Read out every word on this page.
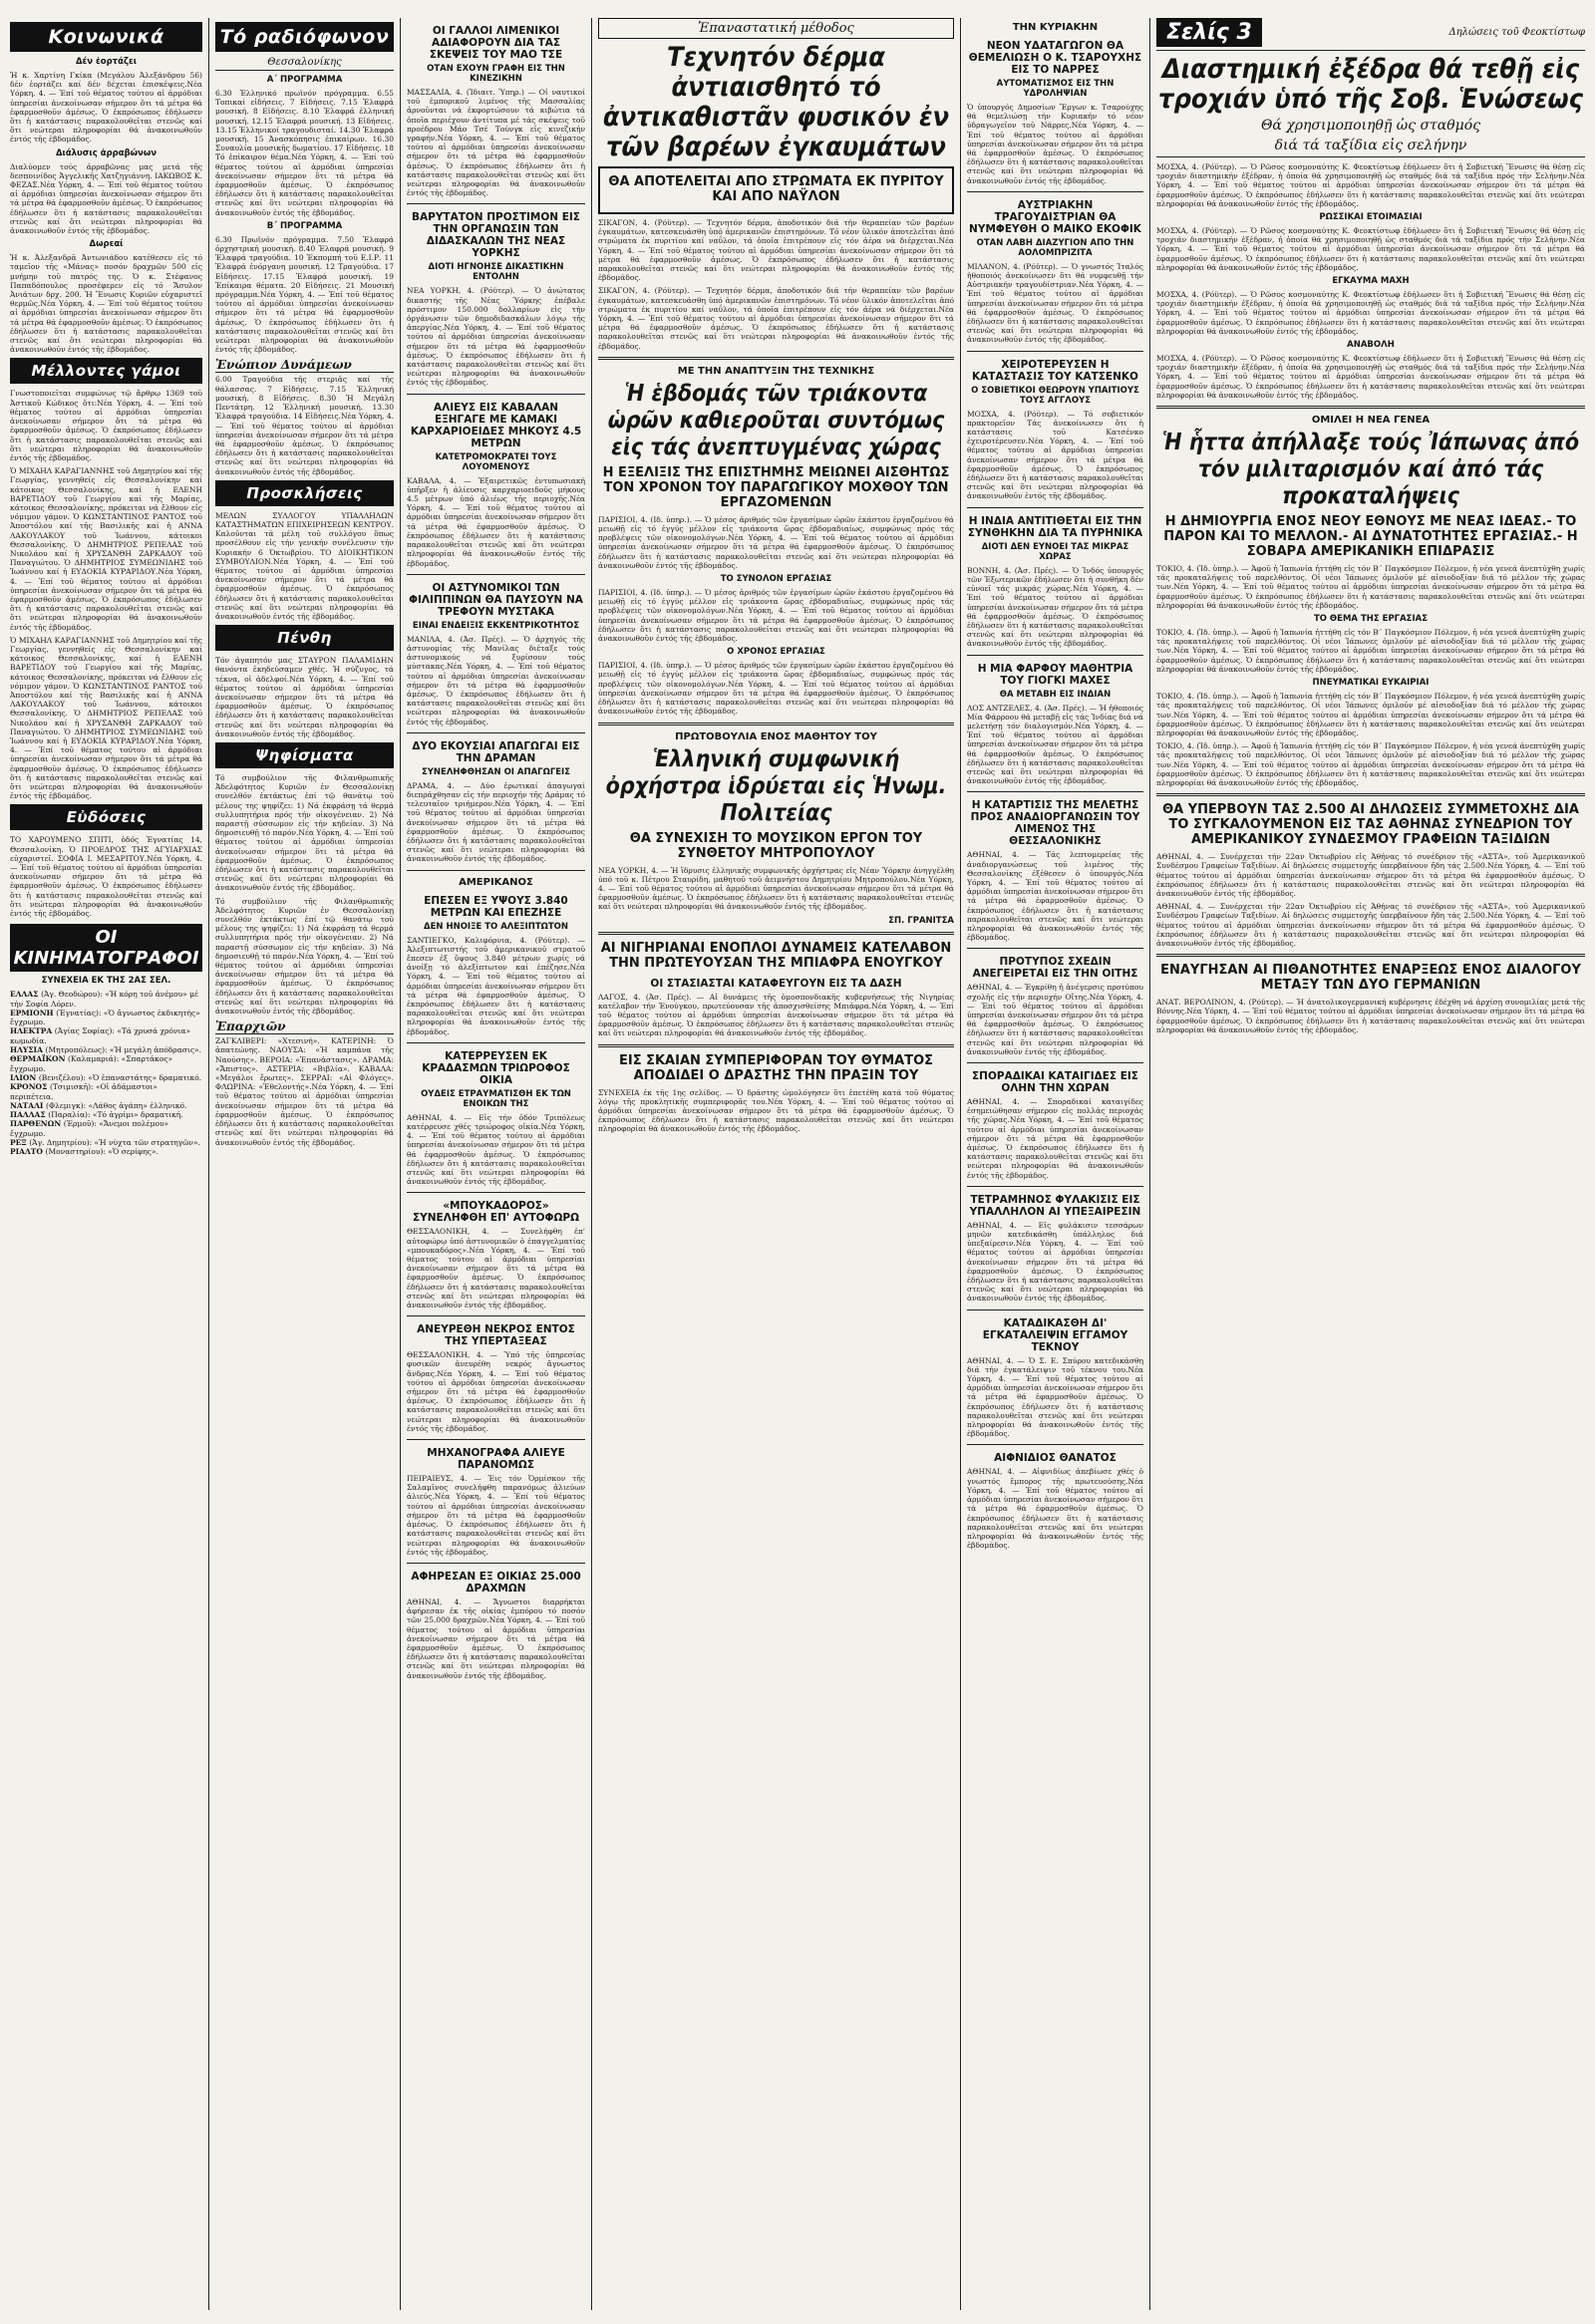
Κοινωνικά
Δέν ἑορτάζει

Ἡ κ. Χαρτίνη Γκίκα (Μεγάλου Ἀλεξάνδρου 56) δέν ἑορτάζει καί δέν δέχεται ἐπισκέψεις. Νέα Υόρκη, 4. — Ἐπί τοῦ θέματος τούτου αἱ ἀρμόδιαι ὑπηρεσίαι ἀνεκοίνωσαν σήμερον ὅτι τά μέτρα θά ἐφαρμοσθοῦν ἀμέσως. Ὁ ἐκπρόσωπος ἐδήλωσεν ὅτι ἡ κατάστασις παρακολουθεῖται στενῶς καί ὅτι νεώτεραι πληροφορίαι θά ἀνακοινωθοῦν ἐντός τῆς ἑβδομάδος.

Διάλυσις ἀρραβώνων

Διαλύομεν τούς ἀρραβῶνας μας μετά τῆς δεσποινίδος Ἀγγελικῆς Χατζηγιάννη. ΙΑΚΩΒΟΣ Κ. ΦΕΖΑΣ. Νέα Υόρκη, 4. — Ἐπί τοῦ θέματος τούτου αἱ ἀρμόδιαι ὑπηρεσίαι ἀνεκοίνωσαν σήμερον ὅτι τά μέτρα θά ἐφαρμοσθοῦν ἀμέσως. Ὁ ἐκπρόσωπος ἐδήλωσεν ὅτι ἡ κατάστασις παρακολουθεῖται στενῶς καί ὅτι νεώτεραι πληροφορίαι θά ἀνακοινωθοῦν ἐντός τῆς ἑβδομάδος.

Δωρεαί

Ἡ κ. Ἀλεξανδρᾶ Ἀντωνιάδου κατέθεσεν εἰς τό ταμεῖον τῆς «Μάνας» ποσόν δραχμῶν 500 εἰς μνήμην τοῦ πατρός της. Ὁ κ. Στέφανος Παπαδόπουλος προσέφερεν εἰς τό Ἄσυλον Ἀνιάτων δρχ. 200. Ἡ Ἕνωσις Κυριῶν εὐχαριστεῖ θερμῶς. Νέα Υόρκη, 4. — Ἐπί τοῦ θέματος τούτου αἱ ἀρμόδιαι ὑπηρεσίαι ἀνεκοίνωσαν σήμερον ὅτι τά μέτρα θά ἐφαρμοσθοῦν ἀμέσως. Ὁ ἐκπρόσωπος ἐδήλωσεν ὅτι ἡ κατάστασις παρακολουθεῖται στενῶς καί ὅτι νεώτεραι πληροφορίαι θά ἀνακοινωθοῦν ἐντός τῆς ἑβδομάδος.

Μέλλοντες γάμοι

Γνωστοποιεῖται συμφώνως τῷ ἄρθρῳ 1369 τοῦ Ἀστικοῦ Κώδικος ὅτι: Νέα Υόρκη, 4. — Ἐπί τοῦ θέματος τούτου αἱ ἀρμόδιαι ὑπηρεσίαι ἀνεκοίνωσαν σήμερον ὅτι τά μέτρα θά ἐφαρμοσθοῦν ἀμέσως. Ὁ ἐκπρόσωπος ἐδήλωσεν ὅτι ἡ κατάστασις παρακολουθεῖται στενῶς καί ὅτι νεώτεραι πληροφορίαι θά ἀνακοινωθοῦν ἐντός τῆς ἑβδομάδος.

Ὁ ΜΙΧΑΗΛ ΚΑΡΑΓΙΑΝΝΗΣ τοῦ Δημητρίου καί τῆς Γεωργίας, γεννηθείς εἰς Θεσσαλονίκην καί κάτοικος Θεσσαλονίκης, καί ἡ ΕΛΕΝΗ ΒΑΡΕΤΙΔΟΥ τοῦ Γεωργίου καί τῆς Μαρίας, κάτοικος Θεσσαλονίκης, πρόκειται νά ἔλθουν εἰς νόμιμον γάμον. Ὁ ΚΩΝΣΤΑΝΤΙΝΟΣ ΡΑΝΤΟΣ τοῦ Ἀποστόλου καί τῆς Βασιλικῆς καί ἡ ΑΝΝΑ ΛΑΚΟΥΛΑΚΟΥ τοῦ Ἰωάννου, κάτοικοι Θεσσαλονίκης. Ὁ ΔΗΜΗΤΡΙΟΣ ΡΕΠΕΛΑΣ τοῦ Νικολάου καί ἡ ΧΡΥΣΑΝΘΗ ΖΑΡΚΑΔΟΥ τοῦ Παναγιώτου. Ὁ ΔΗΜΗΤΡΙΟΣ ΣΥΜΕΩΝΙΔΗΣ τοῦ Ἰωάννου καί ἡ ΕΥΔΟΚΙΑ ΚΥΡΑΡΙΔΟΥ. Νέα Υόρκη, 4. — Ἐπί τοῦ θέματος τούτου αἱ ἀρμόδιαι ὑπηρεσίαι ἀνεκοίνωσαν σήμερον ὅτι τά μέτρα θά ἐφαρμοσθοῦν ἀμέσως. Ὁ ἐκπρόσωπος ἐδήλωσεν ὅτι ἡ κατάστασις παρακολουθεῖται στενῶς καί ὅτι νεώτεραι πληροφορίαι θά ἀνακοινωθοῦν ἐντός τῆς ἑβδομάδος.

Ὁ ΜΙΧΑΗΛ ΚΑΡΑΓΙΑΝΝΗΣ τοῦ Δημητρίου καί τῆς Γεωργίας, γεννηθείς εἰς Θεσσαλονίκην καί κάτοικος Θεσσαλονίκης, καί ἡ ΕΛΕΝΗ ΒΑΡΕΤΙΔΟΥ τοῦ Γεωργίου καί τῆς Μαρίας, κάτοικος Θεσσαλονίκης, πρόκειται νά ἔλθουν εἰς νόμιμον γάμον. Ὁ ΚΩΝΣΤΑΝΤΙΝΟΣ ΡΑΝΤΟΣ τοῦ Ἀποστόλου καί τῆς Βασιλικῆς καί ἡ ΑΝΝΑ ΛΑΚΟΥΛΑΚΟΥ τοῦ Ἰωάννου, κάτοικοι Θεσσαλονίκης. Ὁ ΔΗΜΗΤΡΙΟΣ ΡΕΠΕΛΑΣ τοῦ Νικολάου καί ἡ ΧΡΥΣΑΝΘΗ ΖΑΡΚΑΔΟΥ τοῦ Παναγιώτου. Ὁ ΔΗΜΗΤΡΙΟΣ ΣΥΜΕΩΝΙΔΗΣ τοῦ Ἰωάννου καί ἡ ΕΥΔΟΚΙΑ ΚΥΡΑΡΙΔΟΥ. Νέα Υόρκη, 4. — Ἐπί τοῦ θέματος τούτου αἱ ἀρμόδιαι ὑπηρεσίαι ἀνεκοίνωσαν σήμερον ὅτι τά μέτρα θά ἐφαρμοσθοῦν ἀμέσως. Ὁ ἐκπρόσωπος ἐδήλωσεν ὅτι ἡ κατάστασις παρακολουθεῖται στενῶς καί ὅτι νεώτεραι πληροφορίαι θά ἀνακοινωθοῦν ἐντός τῆς ἑβδομάδος.

Εὐδόσεις

ΤΟ ΧΑΡΟΥΜΕΝΟ ΣΠΙΤΙ, ὁδός Ἐγνατίας 14, Θεσσαλονίκη. Ὁ ΠΡΟΕΔΡΟΣ ΤΗΣ ΑΓΥΙΑΡΧΙΑΣ εὐχαριστεῖ. ΣΟΦΙΑ Ι. ΜΕΣΑΡΙΤΟΥ. Νέα Υόρκη, 4. — Ἐπί τοῦ θέματος τούτου αἱ ἀρμόδιαι ὑπηρεσίαι ἀνεκοίνωσαν σήμερον ὅτι τά μέτρα θά ἐφαρμοσθοῦν ἀμέσως. Ὁ ἐκπρόσωπος ἐδήλωσεν ὅτι ἡ κατάστασις παρακολουθεῖται στενῶς καί ὅτι νεώτεραι πληροφορίαι θά ἀνακοινωθοῦν ἐντός τῆς ἑβδομάδος.

ΟΙ ΚΙΝΗΜΑΤΟΓΡΑΦΟΙ
ΣΥΝΕΧΕΙΑ ΕΚ ΤΗΣ 2ΑΣ ΣΕΛ.
ΕΛΛΑΣ (Ἀγ. Θεοδώρου): «Ἡ κόρη τοῦ ἀνέμου» μέ τήν Σοφία Λόρεν.
ΕΡΜΙΟΝΗ (Ἐγνατίας): «Ὁ ἄγνωστος ἐκδικητής» ἔγχρωμο.
ΗΛΕΚΤΡΑ (Ἀγίας Σοφίας): «Τά χρυσά χρόνια» κωμωδία.
ΗΛΥΣΙΑ (Μητροπόλεως): «Ἡ μεγάλη ἀπόδρασις».
ΘΕΡΜΑΪΚΟΝ (Καλαμαριά): «Σπαρτάκος» ἔγχρωμο.
ΙΛΙΟΝ (Βενιζέλου): «Ὁ ἐπαναστάτης» δραματικό.
ΚΡΟΝΟΣ (Τσιμισκῆ): «Οἱ ἀδάμαστοι» περιπέτεια.
ΝΑΤΑΛΙ (Φλεμιγκ): «Λάθος ἀγάπη» ἑλληνικό.
ΠΑΛΛΑΣ (Παραλία): «Τό ἀγρίμι» δραματική.
ΠΑΡΘΕΝΩΝ (Ἑρμοῦ): «Ἄνεμοι πολέμου» ἔγχρωμο.
ΡΕΞ (Ἀγ. Δημητρίου): «Ἡ νύχτα τῶν στρατηγῶν».
ΡΙΑΛΤΟ (Μοναστηρίου): «Ὁ σερίφης».
Τό ραδιόφωνον
Θεσσαλονίκης
Α΄ ΠΡΟΓΡΑΜΜΑ

6.30 Ἑλληνικό πρωϊνόν πρόγραμμα. 6.55 Τοπικαί εἰδήσεις. 7 Εἰδήσεις. 7.15 Ἐλαφρά μουσική. 8 Εἰδήσεις. 8.10 Ἐλαφρά ἑλληνική μουσική. 12.15 Ἐλαφρά μουσική. 13 Εἰδήσεις. 13.15 Ἑλληνικοί τραγουδισταί. 14.30 Ἐλαφρά μουσική. 15 Ἀνασκόπησις ἐπικαίρων. 16.30 Συναυλία μουσικῆς δωματίου. 17 Εἰδήσεις. 18 Τό ἐπίκαιρον θέμα. Νέα Υόρκη, 4. — Ἐπί τοῦ θέματος τούτου αἱ ἀρμόδιαι ὑπηρεσίαι ἀνεκοίνωσαν σήμερον ὅτι τά μέτρα θά ἐφαρμοσθοῦν ἀμέσως. Ὁ ἐκπρόσωπος ἐδήλωσεν ὅτι ἡ κατάστασις παρακολουθεῖται στενῶς καί ὅτι νεώτεραι πληροφορίαι θά ἀνακοινωθοῦν ἐντός τῆς ἑβδομάδος.

Β΄ ΠΡΟΓΡΑΜΜΑ

6.30 Πρωϊνόν πρόγραμμα. 7.50 Ἐλαφρά ὀρχηστρική μουσική. 8.40 Ἐλαφρά μουσική. 9 Ἐλαφρά τραγούδια. 10 Ἐκπομπή τοῦ Ε.Ι.Ρ. 11 Ἐλαφρά ἐνόργανη μουσική. 12 Τραγούδια. 17 Εἰδήσεις. 17.15 Ἐλαφρά μουσική. 19 Ἐπίκαιρα θέματα. 20 Εἰδήσεις. 21 Μουσική πρόγραμμα. Νέα Υόρκη, 4. — Ἐπί τοῦ θέματος τούτου αἱ ἀρμόδιαι ὑπηρεσίαι ἀνεκοίνωσαν σήμερον ὅτι τά μέτρα θά ἐφαρμοσθοῦν ἀμέσως. Ὁ ἐκπρόσωπος ἐδήλωσεν ὅτι ἡ κατάστασις παρακολουθεῖται στενῶς καί ὅτι νεώτεραι πληροφορίαι θά ἀνακοινωθοῦν ἐντός τῆς ἑβδομάδος.

Ἐνώπιον Δυνάμεων

6.00 Τραγούδια τῆς στεριᾶς καί τῆς θάλασσας. 7 Εἰδήσεις. 7.15 Ἑλληνική μουσική. 8 Εἰδήσεις. 8.30 Ἡ Μεγάλη Πεντάτρη. 12 Ἑλληνική μουσική. 13.30 Ἐλαφρά τραγούδια. 14 Εἰδήσεις. Νέα Υόρκη, 4. — Ἐπί τοῦ θέματος τούτου αἱ ἀρμόδιαι ὑπηρεσίαι ἀνεκοίνωσαν σήμερον ὅτι τά μέτρα θά ἐφαρμοσθοῦν ἀμέσως. Ὁ ἐκπρόσωπος ἐδήλωσεν ὅτι ἡ κατάστασις παρακολουθεῖται στενῶς καί ὅτι νεώτεραι πληροφορίαι θά ἀνακοινωθοῦν ἐντός τῆς ἑβδομάδος.

Προσκλήσεις

ΜΕΛΩΝ ΣΥΛΛΟΓΟΥ ΥΠΑΛΛΗΛΩΝ ΚΑΤΑΣΤΗΜΑΤΩΝ ΕΠΙΧΕΙΡΗΣΕΩΝ ΚΕΝΤΡΟΥ. Καλοῦνται τά μέλη τοῦ συλλόγου ὅπως προσέλθουν εἰς τήν γενικήν συνέλευσιν τήν Κυριακήν 6 Ὀκτωβρίου. ΤΟ ΔΙΟΙΚΗΤΙΚΟΝ ΣΥΜΒΟΥΛΙΟΝ. Νέα Υόρκη, 4. — Ἐπί τοῦ θέματος τούτου αἱ ἀρμόδιαι ὑπηρεσίαι ἀνεκοίνωσαν σήμερον ὅτι τά μέτρα θά ἐφαρμοσθοῦν ἀμέσως. Ὁ ἐκπρόσωπος ἐδήλωσεν ὅτι ἡ κατάστασις παρακολουθεῖται στενῶς καί ὅτι νεώτεραι πληροφορίαι θά ἀνακοινωθοῦν ἐντός τῆς ἑβδομάδος.

Πένθη

Τόν ἀγαπητόν μας ΣΤΑΥΡΟΝ ΠΑΛΑΜΙΔΗΝ θανόντα ἐκηδεύσαμεν χθές. Ἡ σύζυγος, τά τέκνα, οἱ ἀδελφοί. Νέα Υόρκη, 4. — Ἐπί τοῦ θέματος τούτου αἱ ἀρμόδιαι ὑπηρεσίαι ἀνεκοίνωσαν σήμερον ὅτι τά μέτρα θά ἐφαρμοσθοῦν ἀμέσως. Ὁ ἐκπρόσωπος ἐδήλωσεν ὅτι ἡ κατάστασις παρακολουθεῖται στενῶς καί ὅτι νεώτεραι πληροφορίαι θά ἀνακοινωθοῦν ἐντός τῆς ἑβδομάδος.

Ψηφίσματα

Τό συμβούλιον τῆς Φιλανθρωπικῆς Ἀδελφότητος Κυριῶν ἐν Θεσσαλονίκῃ συνελθόν ἐκτάκτως ἐπί τῷ θανάτῳ τοῦ μέλους της ψηφίζει: 1) Νά ἐκφράσῃ τά θερμά συλλυπητήρια πρός τήν οἰκογένειαν. 2) Νά παραστῇ σύσσωμον εἰς τήν κηδείαν. 3) Νά δημοσιευθῇ τό παρόν. Νέα Υόρκη, 4. — Ἐπί τοῦ θέματος τούτου αἱ ἀρμόδιαι ὑπηρεσίαι ἀνεκοίνωσαν σήμερον ὅτι τά μέτρα θά ἐφαρμοσθοῦν ἀμέσως. Ὁ ἐκπρόσωπος ἐδήλωσεν ὅτι ἡ κατάστασις παρακολουθεῖται στενῶς καί ὅτι νεώτεραι πληροφορίαι θά ἀνακοινωθοῦν ἐντός τῆς ἑβδομάδος.

Τό συμβούλιον τῆς Φιλανθρωπικῆς Ἀδελφότητος Κυριῶν ἐν Θεσσαλονίκῃ συνελθόν ἐκτάκτως ἐπί τῷ θανάτῳ τοῦ μέλους της ψηφίζει: 1) Νά ἐκφράσῃ τά θερμά συλλυπητήρια πρός τήν οἰκογένειαν. 2) Νά παραστῇ σύσσωμον εἰς τήν κηδείαν. 3) Νά δημοσιευθῇ τό παρόν. Νέα Υόρκη, 4. — Ἐπί τοῦ θέματος τούτου αἱ ἀρμόδιαι ὑπηρεσίαι ἀνεκοίνωσαν σήμερον ὅτι τά μέτρα θά ἐφαρμοσθοῦν ἀμέσως. Ὁ ἐκπρόσωπος ἐδήλωσεν ὅτι ἡ κατάστασις παρακολουθεῖται στενῶς καί ὅτι νεώτεραι πληροφορίαι θά ἀνακοινωθοῦν ἐντός τῆς ἑβδομάδος.

Ἐπαρχιῶν

ΖΑΓΚΛΙΒΕΡΙ: «Χτεσινή». ΚΑΤΕΡΙΝΗ: Ὁ ἀπατεώνης. ΝΑΟΥΣΑ: «Ἡ καμπάνα τῆς Ναούσης». ΒΕΡΟΙΑ: «Ἐπανάστασις». ΔΡΑΜΑ: «Ἄπιστος». ΑΣΤΕΡΙΑ: «Βιβλία». ΚΑΒΑΛΑ: «Μεγάλοι ἔρωτες». ΣΕΡΡΑΙ: «Αἱ Φλόγες». ΦΛΩΡΙΝΑ: «Ἐθελοντής». Νέα Υόρκη, 4. — Ἐπί τοῦ θέματος τούτου αἱ ἀρμόδιαι ὑπηρεσίαι ἀνεκοίνωσαν σήμερον ὅτι τά μέτρα θά ἐφαρμοσθοῦν ἀμέσως. Ὁ ἐκπρόσωπος ἐδήλωσεν ὅτι ἡ κατάστασις παρακολουθεῖται στενῶς καί ὅτι νεώτεραι πληροφορίαι θά ἀνακοινωθοῦν ἐντός τῆς ἑβδομάδος.

ΟΙ ΓΑΛΛΟΙ ΛΙΜΕΝΙΚΟΙ ΑΔΙΑΦΟΡΟΥΝ ΔΙΑ ΤΑΣ ΣΚΕΨΕΙΣ ΤΟΥ ΜΑΟ ΤΣΕ
ΟΤΑΝ ΕΧΟΥΝ ΓΡΑΦΗ ΕΙΣ ΤΗΝ ΚΙΝΕΖΙΚΗΝ

ΜΑΣΣΑΛΙΑ, 4. (Ἰδιαιτ. Ὑπηρ.) — Οἱ ναυτικοί τοῦ ἐμπορικοῦ λιμένος τῆς Μασσαλίας ἀρνοῦνται νά ἐκφορτώσουν τά κιβώτια τά ὁποῖα περιέχουν ἀντίτυπα μέ τάς σκέψεις τοῦ προέδρου Μάο Τσέ Τούνγκ εἰς κινεζικήν γραφήν. Νέα Υόρκη, 4. — Ἐπί τοῦ θέματος τούτου αἱ ἀρμόδιαι ὑπηρεσίαι ἀνεκοίνωσαν σήμερον ὅτι τά μέτρα θά ἐφαρμοσθοῦν ἀμέσως. Ὁ ἐκπρόσωπος ἐδήλωσεν ὅτι ἡ κατάστασις παρακολουθεῖται στενῶς καί ὅτι νεώτεραι πληροφορίαι θά ἀνακοινωθοῦν ἐντός τῆς ἑβδομάδος.

ΒΑΡΥΤΑΤΟΝ ΠΡΟΣΤΙΜΟΝ ΕΙΣ ΤΗΝ ΟΡΓΑΝΩΣΙΝ ΤΩΝ ΔΙΔΑΣΚΑΛΩΝ ΤΗΣ ΝΕΑΣ ΥΟΡΚΗΣ
ΔΙΟΤΙ ΗΓΝΟΗΣΕ ΔΙΚΑΣΤΙΚΗΝ ΕΝΤΟΛΗΝ

ΝΕΑ ΥΟΡΚΗ, 4. (Ρόϋτερ). — Ὁ ἀνώτατος δικαστής τῆς Νέας Ὑόρκης ἐπέβαλε πρόστιμον 150.000 δολλαρίων εἰς τήν ὀργάνωσιν τῶν δημοδιδασκάλων λόγῳ τῆς ἀπεργίας. Νέα Υόρκη, 4. — Ἐπί τοῦ θέματος τούτου αἱ ἀρμόδιαι ὑπηρεσίαι ἀνεκοίνωσαν σήμερον ὅτι τά μέτρα θά ἐφαρμοσθοῦν ἀμέσως. Ὁ ἐκπρόσωπος ἐδήλωσεν ὅτι ἡ κατάστασις παρακολουθεῖται στενῶς καί ὅτι νεώτεραι πληροφορίαι θά ἀνακοινωθοῦν ἐντός τῆς ἑβδομάδος.

ΑΛΙΕΥΣ ΕΙΣ ΚΑΒΑΛΑΝ ΕΞΗΓΑΓΕ ΜΕ ΚΑΜΑΚΙ ΚΑΡΧΑΡΙΟΕΙΔΕΣ ΜΗΚΟΥΣ 4.5 ΜΕΤΡΩΝ
ΚΑΤΕΤΡΟΜΟΚΡΑΤΕΙ ΤΟΥΣ ΛΟΥΟΜΕΝΟΥΣ

ΚΑΒΑΛΑ, 4. — Ἐξαιρετικῶς ἐντυπωσιακή ὑπῆρξεν ἡ ἀλίευσις καρχαριοειδοῦς μήκους 4.5 μέτρων ὑπό ἁλιέως τῆς περιοχῆς. Νέα Υόρκη, 4. — Ἐπί τοῦ θέματος τούτου αἱ ἀρμόδιαι ὑπηρεσίαι ἀνεκοίνωσαν σήμερον ὅτι τά μέτρα θά ἐφαρμοσθοῦν ἀμέσως. Ὁ ἐκπρόσωπος ἐδήλωσεν ὅτι ἡ κατάστασις παρακολουθεῖται στενῶς καί ὅτι νεώτεραι πληροφορίαι θά ἀνακοινωθοῦν ἐντός τῆς ἑβδομάδος.

ΟΙ ΑΣΤΥΝΟΜΙΚΟΙ ΤΩΝ ΦΙΛΙΠΠΙΝΩΝ ΘΑ ΠΑΥΣΟΥΝ ΝΑ ΤΡΕΦΟΥΝ ΜΥΣΤΑΚΑ
ΕΙΝΑΙ ΕΝΔΕΙΞΙΣ ΕΚΚΕΝΤΡΙΚΟΤΗΤΟΣ

ΜΑΝΙΛΑ, 4. (Ἀσ. Πρές). — Ὁ ἀρχηγός τῆς ἀστυνομίας τῆς Μανίλας διέταξε τούς ἀστυνομικούς νά ξυρίσουν τούς μύστακας. Νέα Υόρκη, 4. — Ἐπί τοῦ θέματος τούτου αἱ ἀρμόδιαι ὑπηρεσίαι ἀνεκοίνωσαν σήμερον ὅτι τά μέτρα θά ἐφαρμοσθοῦν ἀμέσως. Ὁ ἐκπρόσωπος ἐδήλωσεν ὅτι ἡ κατάστασις παρακολουθεῖται στενῶς καί ὅτι νεώτεραι πληροφορίαι θά ἀνακοινωθοῦν ἐντός τῆς ἑβδομάδος.

ΔΥΟ ΕΚΟΥΣΙΑΙ ΑΠΑΓΩΓΑΙ ΕΙΣ ΤΗΝ ΔΡΑΜΑΝ
ΣΥΝΕΛΗΦΘΗΣΑΝ ΟΙ ΑΠΑΓΩΓΕΙΣ

ΔΡΑΜΑ, 4. — Δύο ἐρωτικαί ἀπαγωγαί διεπράχθησαν εἰς τήν περιοχήν τῆς Δράμας τό τελευταῖον τριήμερον. Νέα Υόρκη, 4. — Ἐπί τοῦ θέματος τούτου αἱ ἀρμόδιαι ὑπηρεσίαι ἀνεκοίνωσαν σήμερον ὅτι τά μέτρα θά ἐφαρμοσθοῦν ἀμέσως. Ὁ ἐκπρόσωπος ἐδήλωσεν ὅτι ἡ κατάστασις παρακολουθεῖται στενῶς καί ὅτι νεώτεραι πληροφορίαι θά ἀνακοινωθοῦν ἐντός τῆς ἑβδομάδος.

ΑΜΕΡΙΚΑΝΟΣ
ΕΠΕΣΕΝ ΕΞ ΥΨΟΥΣ 3.840 ΜΕΤΡΩΝ ΚΑΙ ΕΠΕΖΗΣΕ
ΔΕΝ ΗΝΟΙΞΕ ΤΟ ΑΛΕΞΙΠΤΩΤΟΝ

ΣΑΝΤΙΕΓΚΟ, Καλιφόρνια, 4. (Ρόϋτερ). — Ἀλεξιπτωτιστής τοῦ ἀμερικανικοῦ στρατοῦ ἔπεσεν ἐξ ὕψους 3.840 μέτρων χωρίς νά ἀνοίξῃ τό ἀλεξίπτωτον καί ἐπέζησε. Νέα Υόρκη, 4. — Ἐπί τοῦ θέματος τούτου αἱ ἀρμόδιαι ὑπηρεσίαι ἀνεκοίνωσαν σήμερον ὅτι τά μέτρα θά ἐφαρμοσθοῦν ἀμέσως. Ὁ ἐκπρόσωπος ἐδήλωσεν ὅτι ἡ κατάστασις παρακολουθεῖται στενῶς καί ὅτι νεώτεραι πληροφορίαι θά ἀνακοινωθοῦν ἐντός τῆς ἑβδομάδος.

ΚΑΤΕΡΡΕΥΣΕΝ ΕΚ ΚΡΑΔΑΣΜΩΝ ΤΡΙΩΡΟΦΟΣ ΟΙΚΙΑ
ΟΥΔΕΙΣ ΕΤΡΑΥΜΑΤΙΣΘΗ ΕΚ ΤΩΝ ΕΝΟΙΚΩΝ ΤΗΣ

ΑΘΗΝΑΙ, 4. — Εἰς τήν ὁδόν Τριπόλεως κατέρρευσε χθές τριώροφος οἰκία. Νέα Υόρκη, 4. — Ἐπί τοῦ θέματος τούτου αἱ ἀρμόδιαι ὑπηρεσίαι ἀνεκοίνωσαν σήμερον ὅτι τά μέτρα θά ἐφαρμοσθοῦν ἀμέσως. Ὁ ἐκπρόσωπος ἐδήλωσεν ὅτι ἡ κατάστασις παρακολουθεῖται στενῶς καί ὅτι νεώτεραι πληροφορίαι θά ἀνακοινωθοῦν ἐντός τῆς ἑβδομάδος.

«ΜΠΟΥΚΑΔΟΡΟΣ» ΣΥΝΕΛΗΦΘΗ ΕΠ' ΑΥΤΟΦΩΡΩ

ΘΕΣΣΑΛΟΝΙΚΗ, 4. — Συνελήφθη ἐπ' αὐτοφώρῳ ὑπό ἀστυνομικῶν ὁ ἐπαγγελματίας «μπουκαδόρος». Νέα Υόρκη, 4. — Ἐπί τοῦ θέματος τούτου αἱ ἀρμόδιαι ὑπηρεσίαι ἀνεκοίνωσαν σήμερον ὅτι τά μέτρα θά ἐφαρμοσθοῦν ἀμέσως. Ὁ ἐκπρόσωπος ἐδήλωσεν ὅτι ἡ κατάστασις παρακολουθεῖται στενῶς καί ὅτι νεώτεραι πληροφορίαι θά ἀνακοινωθοῦν ἐντός τῆς ἑβδομάδος.

ΑΝΕΥΡΕΘΗ ΝΕΚΡΟΣ ΕΝΤΟΣ ΤΗΣ ΥΠΕΡΤΑΞΕΑΣ

ΘΕΣΣΑΛΟΝΙΚΗ, 4. — Ὑπό τῆς ὑπηρεσίας φυσικῶν ἀνευρέθη νεκρός ἄγνωστος ἄνδρας. Νέα Υόρκη, 4. — Ἐπί τοῦ θέματος τούτου αἱ ἀρμόδιαι ὑπηρεσίαι ἀνεκοίνωσαν σήμερον ὅτι τά μέτρα θά ἐφαρμοσθοῦν ἀμέσως. Ὁ ἐκπρόσωπος ἐδήλωσεν ὅτι ἡ κατάστασις παρακολουθεῖται στενῶς καί ὅτι νεώτεραι πληροφορίαι θά ἀνακοινωθοῦν ἐντός τῆς ἑβδομάδος.

ΜΗΧΑΝΟΓΡΑΦΑ ΑΛΙΕΥΕ ΠΑΡΑΝΟΜΩΣ

ΠΕΙΡΑΙΕΥΣ, 4. — Ἐις τόν Ὀρμίσκον τῆς Σαλαμῖνος συνελήφθη παρανόμως ἁλιεύων ἁλιεύς. Νέα Υόρκη, 4. — Ἐπί τοῦ θέματος τούτου αἱ ἀρμόδιαι ὑπηρεσίαι ἀνεκοίνωσαν σήμερον ὅτι τά μέτρα θά ἐφαρμοσθοῦν ἀμέσως. Ὁ ἐκπρόσωπος ἐδήλωσεν ὅτι ἡ κατάστασις παρακολουθεῖται στενῶς καί ὅτι νεώτεραι πληροφορίαι θά ἀνακοινωθοῦν ἐντός τῆς ἑβδομάδος.

ΑΦΗΡΕΣΑΝ ΕΞ ΟΙΚΙΑΣ 25.000 ΔΡΑΧΜΩΝ

ΑΘΗΝΑΙ, 4. — Ἄγνωστοι διαρρήκται ἀφήρεσαν ἐκ τῆς οἰκίας ἐμπόρου τό ποσόν τῶν 25.000 δραχμῶν. Νέα Υόρκη, 4. — Ἐπί τοῦ θέματος τούτου αἱ ἀρμόδιαι ὑπηρεσίαι ἀνεκοίνωσαν σήμερον ὅτι τά μέτρα θά ἐφαρμοσθοῦν ἀμέσως. Ὁ ἐκπρόσωπος ἐδήλωσεν ὅτι ἡ κατάστασις παρακολουθεῖται στενῶς καί ὅτι νεώτεραι πληροφορίαι θά ἀνακοινωθοῦν ἐντός τῆς ἑβδομάδος.

Ἐπαναστατική μέθοδος
Τεχνητόν δέρμα ἀντιαισθητό τό ἀντικαθιστᾶν φυσικόν ἐν τῶν βαρέων ἐγκαυμάτων
ΘΑ ΑΠΟΤΕΛΕΙΤΑΙ ΑΠΟ ΣΤΡΩΜΑΤΑ ΕΚ ΠΥΡΙΤΟΥ ΚΑΙ ΑΠΟ ΝΑΫΛΟΝ

ΣΙΚΑΓΟΝ, 4. (Ρόϋτερ). — Τεχνητόν δέρμα, ἀποδοτικόν διά τήν θεραπείαν τῶν βαρέων ἐγκαυμάτων, κατεσκευάσθη ὑπό ἀμερικανῶν ἐπιστημόνων. Τό νέον ὑλικόν ἀποτελεῖται ἀπό στρώματα ἐκ πυριτίου καί ναΰλον, τά ὁποῖα ἐπιτρέπουν εἰς τόν ἀέρα νά διέρχεται. Νέα Υόρκη, 4. — Ἐπί τοῦ θέματος τούτου αἱ ἀρμόδιαι ὑπηρεσίαι ἀνεκοίνωσαν σήμερον ὅτι τά μέτρα θά ἐφαρμοσθοῦν ἀμέσως. Ὁ ἐκπρόσωπος ἐδήλωσεν ὅτι ἡ κατάστασις παρακολουθεῖται στενῶς καί ὅτι νεώτεραι πληροφορίαι θά ἀνακοινωθοῦν ἐντός τῆς ἑβδομάδος.

ΣΙΚΑΓΟΝ, 4. (Ρόϋτερ). — Τεχνητόν δέρμα, ἀποδοτικόν διά τήν θεραπείαν τῶν βαρέων ἐγκαυμάτων, κατεσκευάσθη ὑπό ἀμερικανῶν ἐπιστημόνων. Τό νέον ὑλικόν ἀποτελεῖται ἀπό στρώματα ἐκ πυριτίου καί ναΰλον, τά ὁποῖα ἐπιτρέπουν εἰς τόν ἀέρα νά διέρχεται. Νέα Υόρκη, 4. — Ἐπί τοῦ θέματος τούτου αἱ ἀρμόδιαι ὑπηρεσίαι ἀνεκοίνωσαν σήμερον ὅτι τά μέτρα θά ἐφαρμοσθοῦν ἀμέσως. Ὁ ἐκπρόσωπος ἐδήλωσεν ὅτι ἡ κατάστασις παρακολουθεῖται στενῶς καί ὅτι νεώτεραι πληροφορίαι θά ἀνακοινωθοῦν ἐντός τῆς ἑβδομάδος.

ΜΕ ΤΗΝ ΑΝΑΠΤΥΞΙΝ ΤΗΣ ΤΕΧΝΙΚΗΣ
Ἡ ἑβδομάς τῶν τριάκοντα ὡρῶν καθιεροῦται συντόμως εἰς τάς ἀνεπτυγμένας χώρας
Η ΕΞΕΛΙΞΙΣ ΤΗΣ ΕΠΙΣΤΗΜΗΣ ΜΕΙΩΝΕΙ ΑΙΣΘΗΤΩΣ ΤΟΝ ΧΡΟΝΟΝ ΤΟΥ ΠΑΡΑΓΩΓΙΚΟΥ ΜΟΧΘΟΥ ΤΩΝ ΕΡΓΑΖΟΜΕΝΩΝ

ΠΑΡΙΣΙΟΙ, 4. (Ιδ. ὑπηρ.). — Ὁ μέσος ἀριθμός τῶν ἐργασίμων ὡρῶν ἑκάστου ἐργαζομένου θά μειωθῇ εἰς τό ἐγγύς μέλλον εἰς τριάκοντα ὥρας ἑβδομαδιαίως, συμφώνως πρός τάς προβλέψεις τῶν οἰκονομολόγων. Νέα Υόρκη, 4. — Ἐπί τοῦ θέματος τούτου αἱ ἀρμόδιαι ὑπηρεσίαι ἀνεκοίνωσαν σήμερον ὅτι τά μέτρα θά ἐφαρμοσθοῦν ἀμέσως. Ὁ ἐκπρόσωπος ἐδήλωσεν ὅτι ἡ κατάστασις παρακολουθεῖται στενῶς καί ὅτι νεώτεραι πληροφορίαι θά ἀνακοινωθοῦν ἐντός τῆς ἑβδομάδος.

ΤΟ ΣΥΝΟΛΟΝ ΕΡΓΑΣΙΑΣ

ΠΑΡΙΣΙΟΙ, 4. (Ιδ. ὑπηρ.). — Ὁ μέσος ἀριθμός τῶν ἐργασίμων ὡρῶν ἑκάστου ἐργαζομένου θά μειωθῇ εἰς τό ἐγγύς μέλλον εἰς τριάκοντα ὥρας ἑβδομαδιαίως, συμφώνως πρός τάς προβλέψεις τῶν οἰκονομολόγων. Νέα Υόρκη, 4. — Ἐπί τοῦ θέματος τούτου αἱ ἀρμόδιαι ὑπηρεσίαι ἀνεκοίνωσαν σήμερον ὅτι τά μέτρα θά ἐφαρμοσθοῦν ἀμέσως. Ὁ ἐκπρόσωπος ἐδήλωσεν ὅτι ἡ κατάστασις παρακολουθεῖται στενῶς καί ὅτι νεώτεραι πληροφορίαι θά ἀνακοινωθοῦν ἐντός τῆς ἑβδομάδος.

Ο ΧΡΟΝΟΣ ΕΡΓΑΣΙΑΣ

ΠΑΡΙΣΙΟΙ, 4. (Ιδ. ὑπηρ.). — Ὁ μέσος ἀριθμός τῶν ἐργασίμων ὡρῶν ἑκάστου ἐργαζομένου θά μειωθῇ εἰς τό ἐγγύς μέλλον εἰς τριάκοντα ὥρας ἑβδομαδιαίως, συμφώνως πρός τάς προβλέψεις τῶν οἰκονομολόγων. Νέα Υόρκη, 4. — Ἐπί τοῦ θέματος τούτου αἱ ἀρμόδιαι ὑπηρεσίαι ἀνεκοίνωσαν σήμερον ὅτι τά μέτρα θά ἐφαρμοσθοῦν ἀμέσως. Ὁ ἐκπρόσωπος ἐδήλωσεν ὅτι ἡ κατάστασις παρακολουθεῖται στενῶς καί ὅτι νεώτεραι πληροφορίαι θά ἀνακοινωθοῦν ἐντός τῆς ἑβδομάδος.

ΠΡΩΤΟΒΟΥΛΙΑ ΕΝΟΣ ΜΑΘΗΤΟΥ ΤΟΥ
Ἑλληνική συμφωνική ὀρχήστρα ἱδρύεται εἰς Ἡνωμ. Πολιτείας
ΘΑ ΣΥΝΕΧΙΣΗ ΤΟ ΜΟΥΣΙΚΟΝ ΕΡΓΟΝ ΤΟΥ ΣΥΝΘΕΤΟΥ ΜΗΤΡΟΠΟΥΛΟΥ

ΝΕΑ ΥΟΡΚΗ, 4. — Ἡ ἵδρυσις ἑλληνικῆς συμφωνικῆς ὀρχήστρας εἰς Νέαν Ὑόρκην ἀνηγγέλθη ὑπό τοῦ κ. Πέτρου Σταυρίδη, μαθητοῦ τοῦ ἀειμνήστου Δημητρίου Μητροπούλου. Νέα Υόρκη, 4. — Ἐπί τοῦ θέματος τούτου αἱ ἀρμόδιαι ὑπηρεσίαι ἀνεκοίνωσαν σήμερον ὅτι τά μέτρα θά ἐφαρμοσθοῦν ἀμέσως. Ὁ ἐκπρόσωπος ἐδήλωσεν ὅτι ἡ κατάστασις παρακολουθεῖται στενῶς καί ὅτι νεώτεραι πληροφορίαι θά ἀνακοινωθοῦν ἐντός τῆς ἑβδομάδος.

ΣΠ. ΓΡΑΝΙΤΣΑ
ΑΙ ΝΙΓΗΡΙΑΝΑΙ ΕΝΟΠΛΟΙ ΔΥΝΑΜΕΙΣ ΚΑΤΕΛΑΒΟΝ ΤΗΝ ΠΡΩΤΕΥΟΥΣΑΝ ΤΗΣ ΜΠΙΑΦΡΑ ΕΝΟΥΓΚΟΥ
ΟΙ ΣΤΑΣΙΑΣΤΑΙ ΚΑΤΑΦΕΥΓΟΥΝ ΕΙΣ ΤΑ ΔΑΣΗ

ΛΑΓΟΣ, 4. (Ἀσ. Πρές). — Αἱ δυνάμεις τῆς ὁμοσπονδιακῆς κυβερνήσεως τῆς Νιγηρίας κατέλαβον τήν Ἐνούγκου, πρωτεύουσαν τῆς ἀποσχισθείσης Μπιάφρα. Νέα Υόρκη, 4. — Ἐπί τοῦ θέματος τούτου αἱ ἀρμόδιαι ὑπηρεσίαι ἀνεκοίνωσαν σήμερον ὅτι τά μέτρα θά ἐφαρμοσθοῦν ἀμέσως. Ὁ ἐκπρόσωπος ἐδήλωσεν ὅτι ἡ κατάστασις παρακολουθεῖται στενῶς καί ὅτι νεώτεραι πληροφορίαι θά ἀνακοινωθοῦν ἐντός τῆς ἑβδομάδος.

ΕΙΣ ΣΚΑΙΑΝ ΣΥΜΠΕΡΙΦΟΡΑΝ ΤΟΥ ΘΥΜΑΤΟΣ ΑΠΟΔΙΔΕΙ Ο ΔΡΑΣΤΗΣ ΤΗΝ ΠΡΑΞΙΝ ΤΟΥ

ΣΥΝΕΧΕΙΑ ἐκ τῆς 1ης σελίδος. — Ὁ δράστης ὡμολόγησεν ὅτι ἐπετέθη κατά τοῦ θύματος λόγῳ τῆς προκλητικῆς συμπεριφορᾶς του. Νέα Υόρκη, 4. — Ἐπί τοῦ θέματος τούτου αἱ ἀρμόδιαι ὑπηρεσίαι ἀνεκοίνωσαν σήμερον ὅτι τά μέτρα θά ἐφαρμοσθοῦν ἀμέσως. Ὁ ἐκπρόσωπος ἐδήλωσεν ὅτι ἡ κατάστασις παρακολουθεῖται στενῶς καί ὅτι νεώτεραι πληροφορίαι θά ἀνακοινωθοῦν ἐντός τῆς ἑβδομάδος.

ΤΗΝ ΚΥΡΙΑΚΗΝ
ΝΕΟΝ ΥΔΑΤΑΓΩΓΟΝ ΘΑ ΘΕΜΕΛΙΩΣΗ Ο Κ. ΤΣΑΡΟΥΧΗΣ ΕΙΣ ΤΟ ΝΑΡΡΕΣ
ΑΥΤΟΜΑΤΙΣΜΟΣ ΕΙΣ ΤΗΝ ΥΔΡΟΛΗΨΙΑΝ

Ὁ ὑπουργός Δημοσίων Ἔργων κ. Τσαρούχης θά θεμελιώσῃ τήν Κυριακήν τό νέον ὑδραγωγεῖον τοῦ Νάρρες. Νέα Υόρκη, 4. — Ἐπί τοῦ θέματος τούτου αἱ ἀρμόδιαι ὑπηρεσίαι ἀνεκοίνωσαν σήμερον ὅτι τά μέτρα θά ἐφαρμοσθοῦν ἀμέσως. Ὁ ἐκπρόσωπος ἐδήλωσεν ὅτι ἡ κατάστασις παρακολουθεῖται στενῶς καί ὅτι νεώτεραι πληροφορίαι θά ἀνακοινωθοῦν ἐντός τῆς ἑβδομάδος.

ΑΥΣΤΡΙΑΚΗΝ ΤΡΑΓΟΥΔΙΣΤΡΙΑΝ ΘΑ ΝΥΜΦΕΥΘΗ Ο ΜΑΙΚΟ ΕΚΟΦΙΚ
ΟΤΑΝ ΛΑΒΗ ΔΙΑΖΥΓΙΟΝ ΑΠΟ ΤΗΝ ΑΟΛΟΜΠΡΙΖΙΤΑ

ΜΙΛΑΝΟΝ, 4. (Ρόϋτερ). — Ὁ γνωστός Ἰταλός ἠθοποιός ἀνεκοίνωσεν ὅτι θά νυμφευθῇ τήν Αὐστριακήν τραγουδίστριαν. Νέα Υόρκη, 4. — Ἐπί τοῦ θέματος τούτου αἱ ἀρμόδιαι ὑπηρεσίαι ἀνεκοίνωσαν σήμερον ὅτι τά μέτρα θά ἐφαρμοσθοῦν ἀμέσως. Ὁ ἐκπρόσωπος ἐδήλωσεν ὅτι ἡ κατάστασις παρακολουθεῖται στενῶς καί ὅτι νεώτεραι πληροφορίαι θά ἀνακοινωθοῦν ἐντός τῆς ἑβδομάδος.

ΧΕΙΡΟΤΕΡΕΥΣΕΝ Η ΚΑΤΑΣΤΑΣΙΣ ΤΟΥ ΚΑΤΣΕΝΚΟ
Ο ΣΟΒΙΕΤΙΚΟΙ ΘΕΩΡΟΥΝ ΥΠΑΙΤΙΟΥΣ ΤΟΥΣ ΑΓΓΛΟΥΣ

ΜΟΣΧΑ, 4. (Ρόϋτερ). — Τό σοβιετικόν πρακτορεῖον Τάς ἀνεκοίνωσεν ὅτι ἡ κατάστασις τοῦ Κατσένκο ἐχειροτέρευσεν. Νέα Υόρκη, 4. — Ἐπί τοῦ θέματος τούτου αἱ ἀρμόδιαι ὑπηρεσίαι ἀνεκοίνωσαν σήμερον ὅτι τά μέτρα θά ἐφαρμοσθοῦν ἀμέσως. Ὁ ἐκπρόσωπος ἐδήλωσεν ὅτι ἡ κατάστασις παρακολουθεῖται στενῶς καί ὅτι νεώτεραι πληροφορίαι θά ἀνακοινωθοῦν ἐντός τῆς ἑβδομάδος.

Η ΙΝΔΙΑ ΑΝΤΙΤΙΘΕΤΑΙ ΕΙΣ ΤΗΝ ΣΥΝΘΗΚΗΝ ΔΙΑ ΤΑ ΠΥΡΗΝΙΚΑ
ΔΙΟΤΙ ΔΕΝ ΕΥΝΟΕΙ ΤΑΣ ΜΙΚΡΑΣ ΧΩΡΑΣ

ΒΟΝΝΗ, 4. (Ἀσ. Πρές). — Ὁ Ἰνδός ὑπουργός τῶν Ἐξωτερικῶν ἐδήλωσεν ὅτι ἡ συνθήκη δέν εὐνοεῖ τάς μικράς χώρας. Νέα Υόρκη, 4. — Ἐπί τοῦ θέματος τούτου αἱ ἀρμόδιαι ὑπηρεσίαι ἀνεκοίνωσαν σήμερον ὅτι τά μέτρα θά ἐφαρμοσθοῦν ἀμέσως. Ὁ ἐκπρόσωπος ἐδήλωσεν ὅτι ἡ κατάστασις παρακολουθεῖται στενῶς καί ὅτι νεώτεραι πληροφορίαι θά ἀνακοινωθοῦν ἐντός τῆς ἑβδομάδος.

Η ΜΙΑ ΦΑΡΦΟΥ ΜΑΘΗΤΡΙΑ ΤΟΥ ΓΙΟΓΚΙ ΜΑΧΕΣ
ΘΑ ΜΕΤΑΒΗ ΕΙΣ ΙΝΔΙΑΝ

ΛΟΣ ΑΝΤΖΕΛΕΣ, 4. (Ἀσ. Πρές). — Ἡ ἠθοποιός Μία Φάρροου θά μεταβῇ εἰς τάς Ἰνδίας διά νά μελετήσῃ τόν διαλογισμόν. Νέα Υόρκη, 4. — Ἐπί τοῦ θέματος τούτου αἱ ἀρμόδιαι ὑπηρεσίαι ἀνεκοίνωσαν σήμερον ὅτι τά μέτρα θά ἐφαρμοσθοῦν ἀμέσως. Ὁ ἐκπρόσωπος ἐδήλωσεν ὅτι ἡ κατάστασις παρακολουθεῖται στενῶς καί ὅτι νεώτεραι πληροφορίαι θά ἀνακοινωθοῦν ἐντός τῆς ἑβδομάδος.

Η ΚΑΤΑΡΤΙΣΙΣ ΤΗΣ ΜΕΛΕΤΗΣ ΠΡΟΣ ΑΝΑΔΙΟΡΓΑΝΩΣΙΝ ΤΟΥ ΛΙΜΕΝΟΣ ΤΗΣ ΘΕΣΣΑΛΟΝΙΚΗΣ

ΑΘΗΝΑΙ, 4. — Τάς λεπτομερείας τῆς ἀναδιοργανώσεως τοῦ λιμένος τῆς Θεσσαλονίκης ἐξέθεσεν ὁ ὑπουργός. Νέα Υόρκη, 4. — Ἐπί τοῦ θέματος τούτου αἱ ἀρμόδιαι ὑπηρεσίαι ἀνεκοίνωσαν σήμερον ὅτι τά μέτρα θά ἐφαρμοσθοῦν ἀμέσως. Ὁ ἐκπρόσωπος ἐδήλωσεν ὅτι ἡ κατάστασις παρακολουθεῖται στενῶς καί ὅτι νεώτεραι πληροφορίαι θά ἀνακοινωθοῦν ἐντός τῆς ἑβδομάδος.

ΠΡΟΤΥΠΟΣ ΣΧΕΔΙΝ ΑΝΕΓΕΙΡΕΤΑΙ ΕΙΣ ΤΗΝ ΟΙΤΗΣ

ΑΘΗΝΑΙ, 4. — Ἐγκρίθη ἡ ἀνέγερσις προτύπου σχολῆς εἰς τήν περιοχήν Οἴτης. Νέα Υόρκη, 4. — Ἐπί τοῦ θέματος τούτου αἱ ἀρμόδιαι ὑπηρεσίαι ἀνεκοίνωσαν σήμερον ὅτι τά μέτρα θά ἐφαρμοσθοῦν ἀμέσως. Ὁ ἐκπρόσωπος ἐδήλωσεν ὅτι ἡ κατάστασις παρακολουθεῖται στενῶς καί ὅτι νεώτεραι πληροφορίαι θά ἀνακοινωθοῦν ἐντός τῆς ἑβδομάδος.

ΣΠΟΡΑΔΙΚΑΙ ΚΑΤΑΙΓΙΔΕΣ ΕΙΣ ΟΛΗΝ ΤΗΝ ΧΩΡΑΝ

ΑΘΗΝΑΙ, 4. — Σποραδικαί καταιγίδες ἐσημειώθησαν σήμερον εἰς πολλάς περιοχάς τῆς χώρας. Νέα Υόρκη, 4. — Ἐπί τοῦ θέματος τούτου αἱ ἀρμόδιαι ὑπηρεσίαι ἀνεκοίνωσαν σήμερον ὅτι τά μέτρα θά ἐφαρμοσθοῦν ἀμέσως. Ὁ ἐκπρόσωπος ἐδήλωσεν ὅτι ἡ κατάστασις παρακολουθεῖται στενῶς καί ὅτι νεώτεραι πληροφορίαι θά ἀνακοινωθοῦν ἐντός τῆς ἑβδομάδος.

ΤΕΤΡΑΜΗΝΟΣ ΦΥΛΑΚΙΣΙΣ ΕΙΣ ΥΠΑΛΛΗΛΟΝ ΑΙ ΥΠΕΞΑΙΡΕΣΙΝ

ΑΘΗΝΑΙ, 4. — Εἰς φυλάκισιν τεσσάρων μηνῶν κατεδικάσθη ὑπάλληλος διά ὑπεξαίρεσιν. Νέα Υόρκη, 4. — Ἐπί τοῦ θέματος τούτου αἱ ἀρμόδιαι ὑπηρεσίαι ἀνεκοίνωσαν σήμερον ὅτι τά μέτρα θά ἐφαρμοσθοῦν ἀμέσως. Ὁ ἐκπρόσωπος ἐδήλωσεν ὅτι ἡ κατάστασις παρακολουθεῖται στενῶς καί ὅτι νεώτεραι πληροφορίαι θά ἀνακοινωθοῦν ἐντός τῆς ἑβδομάδος.

ΚΑΤΑΔΙΚΑΣΘΗ ΔΙ' ΕΓΚΑΤΑΛΕΙΨΙΝ ΕΓΓΑΜΟΥ ΤΕΚΝΟΥ

ΑΘΗΝΑΙ, 4. — Ὁ Σ. Ε. Σπύρου κατεδικάσθη διά τήν ἐγκατάλειψιν τοῦ τέκνου του. Νέα Υόρκη, 4. — Ἐπί τοῦ θέματος τούτου αἱ ἀρμόδιαι ὑπηρεσίαι ἀνεκοίνωσαν σήμερον ὅτι τά μέτρα θά ἐφαρμοσθοῦν ἀμέσως. Ὁ ἐκπρόσωπος ἐδήλωσεν ὅτι ἡ κατάστασις παρακολουθεῖται στενῶς καί ὅτι νεώτεραι πληροφορίαι θά ἀνακοινωθοῦν ἐντός τῆς ἑβδομάδος.

ΑΙΦΝΙΔΙΟΣ ΘΑΝΑΤΟΣ

ΑΘΗΝΑΙ, 4. — Αἰφνιδίως ἀπεβίωσε χθές ὁ γνωστός ἔμπορος τῆς πρωτευούσης. Νέα Υόρκη, 4. — Ἐπί τοῦ θέματος τούτου αἱ ἀρμόδιαι ὑπηρεσίαι ἀνεκοίνωσαν σήμερον ὅτι τά μέτρα θά ἐφαρμοσθοῦν ἀμέσως. Ὁ ἐκπρόσωπος ἐδήλωσεν ὅτι ἡ κατάστασις παρακολουθεῖται στενῶς καί ὅτι νεώτεραι πληροφορίαι θά ἀνακοινωθοῦν ἐντός τῆς ἑβδομάδος.

Σελίς 3	Δηλώσεις τοῦ Φεοκτίστωφ
Διαστημική ἐξέδρα θά τεθῇ εἰς τροχιάν ὑπό τῆς Σοβ. Ἑνώσεως
Θά χρησιμοποιηθῇ ὡς σταθμός
διά τά ταξίδια εἰς σελήνην

ΜΟΣΧΑ, 4. (Ρόϋτερ). — Ὁ Ρῶσος κοσμοναύτης Κ. Φεοκτίστωφ ἐδήλωσεν ὅτι ἡ Σοβιετική Ἕνωσις θά θέσῃ εἰς τροχιάν διαστημικήν ἐξέδραν, ἡ ὁποία θά χρησιμοποιηθῇ ὡς σταθμός διά τά ταξίδια πρός τήν Σελήνην. Νέα Υόρκη, 4. — Ἐπί τοῦ θέματος τούτου αἱ ἀρμόδιαι ὑπηρεσίαι ἀνεκοίνωσαν σήμερον ὅτι τά μέτρα θά ἐφαρμοσθοῦν ἀμέσως. Ὁ ἐκπρόσωπος ἐδήλωσεν ὅτι ἡ κατάστασις παρακολουθεῖται στενῶς καί ὅτι νεώτεραι πληροφορίαι θά ἀνακοινωθοῦν ἐντός τῆς ἑβδομάδος.

ΡΩΣΣΙΚΑΙ ΕΤΟΙΜΑΣΙΑΙ

ΜΟΣΧΑ, 4. (Ρόϋτερ). — Ὁ Ρῶσος κοσμοναύτης Κ. Φεοκτίστωφ ἐδήλωσεν ὅτι ἡ Σοβιετική Ἕνωσις θά θέσῃ εἰς τροχιάν διαστημικήν ἐξέδραν, ἡ ὁποία θά χρησιμοποιηθῇ ὡς σταθμός διά τά ταξίδια πρός τήν Σελήνην. Νέα Υόρκη, 4. — Ἐπί τοῦ θέματος τούτου αἱ ἀρμόδιαι ὑπηρεσίαι ἀνεκοίνωσαν σήμερον ὅτι τά μέτρα θά ἐφαρμοσθοῦν ἀμέσως. Ὁ ἐκπρόσωπος ἐδήλωσεν ὅτι ἡ κατάστασις παρακολουθεῖται στενῶς καί ὅτι νεώτεραι πληροφορίαι θά ἀνακοινωθοῦν ἐντός τῆς ἑβδομάδος.

ΕΓΚΑΥΜΑ ΜΑΧΗ

ΜΟΣΧΑ, 4. (Ρόϋτερ). — Ὁ Ρῶσος κοσμοναύτης Κ. Φεοκτίστωφ ἐδήλωσεν ὅτι ἡ Σοβιετική Ἕνωσις θά θέσῃ εἰς τροχιάν διαστημικήν ἐξέδραν, ἡ ὁποία θά χρησιμοποιηθῇ ὡς σταθμός διά τά ταξίδια πρός τήν Σελήνην. Νέα Υόρκη, 4. — Ἐπί τοῦ θέματος τούτου αἱ ἀρμόδιαι ὑπηρεσίαι ἀνεκοίνωσαν σήμερον ὅτι τά μέτρα θά ἐφαρμοσθοῦν ἀμέσως. Ὁ ἐκπρόσωπος ἐδήλωσεν ὅτι ἡ κατάστασις παρακολουθεῖται στενῶς καί ὅτι νεώτεραι πληροφορίαι θά ἀνακοινωθοῦν ἐντός τῆς ἑβδομάδος.

ΑΝΑΒΟΛΗ

ΜΟΣΧΑ, 4. (Ρόϋτερ). — Ὁ Ρῶσος κοσμοναύτης Κ. Φεοκτίστωφ ἐδήλωσεν ὅτι ἡ Σοβιετική Ἕνωσις θά θέσῃ εἰς τροχιάν διαστημικήν ἐξέδραν, ἡ ὁποία θά χρησιμοποιηθῇ ὡς σταθμός διά τά ταξίδια πρός τήν Σελήνην. Νέα Υόρκη, 4. — Ἐπί τοῦ θέματος τούτου αἱ ἀρμόδιαι ὑπηρεσίαι ἀνεκοίνωσαν σήμερον ὅτι τά μέτρα θά ἐφαρμοσθοῦν ἀμέσως. Ὁ ἐκπρόσωπος ἐδήλωσεν ὅτι ἡ κατάστασις παρακολουθεῖται στενῶς καί ὅτι νεώτεραι πληροφορίαι θά ἀνακοινωθοῦν ἐντός τῆς ἑβδομάδος.

ΟΜΙΛΕΙ Η ΝΕΑ ΓΕΝΕΑ
Ἡ ἧττα ἀπήλλαξε τούς Ἰάπωνας ἀπό τόν μιλιταρισμόν καί ἀπό τάς προκαταλήψεις
Η ΔΗΜΙΟΥΡΓΙΑ ΕΝΟΣ ΝΕΟΥ ΕΘΝΟΥΣ ΜΕ ΝΕΑΣ ΙΔΕΑΣ.- ΤΟ ΠΑΡΟΝ ΚΑΙ ΤΟ ΜΕΛΛΟΝ.- ΑΙ ΔΥΝΑΤΟΤΗΤΕΣ ΕΡΓΑΣΙΑΣ.- Η ΣΟΒΑΡΑ ΑΜΕΡΙΚΑΝΙΚΗ ΕΠΙΔΡΑΣΙΣ

ΤΟΚΙΟ, 4. (Ἰδ. ὑπηρ.). — Ἀφοῦ ἡ Ἰαπωνία ἡττήθη εἰς τόν Β΄ Παγκόσμιον Πόλεμον, ἡ νέα γενεά ἀνεπτύχθη χωρίς τάς προκαταλήψεις τοῦ παρελθόντος. Οἱ νέοι Ἰάπωνες ὁμιλοῦν μέ αἰσιοδοξίαν διά τό μέλλον τῆς χώρας των. Νέα Υόρκη, 4. — Ἐπί τοῦ θέματος τούτου αἱ ἀρμόδιαι ὑπηρεσίαι ἀνεκοίνωσαν σήμερον ὅτι τά μέτρα θά ἐφαρμοσθοῦν ἀμέσως. Ὁ ἐκπρόσωπος ἐδήλωσεν ὅτι ἡ κατάστασις παρακολουθεῖται στενῶς καί ὅτι νεώτεραι πληροφορίαι θά ἀνακοινωθοῦν ἐντός τῆς ἑβδομάδος.

ΤΟ ΘΕΜΑ ΤΗΣ ΕΡΓΑΣΙΑΣ

ΤΟΚΙΟ, 4. (Ἰδ. ὑπηρ.). — Ἀφοῦ ἡ Ἰαπωνία ἡττήθη εἰς τόν Β΄ Παγκόσμιον Πόλεμον, ἡ νέα γενεά ἀνεπτύχθη χωρίς τάς προκαταλήψεις τοῦ παρελθόντος. Οἱ νέοι Ἰάπωνες ὁμιλοῦν μέ αἰσιοδοξίαν διά τό μέλλον τῆς χώρας των. Νέα Υόρκη, 4. — Ἐπί τοῦ θέματος τούτου αἱ ἀρμόδιαι ὑπηρεσίαι ἀνεκοίνωσαν σήμερον ὅτι τά μέτρα θά ἐφαρμοσθοῦν ἀμέσως. Ὁ ἐκπρόσωπος ἐδήλωσεν ὅτι ἡ κατάστασις παρακολουθεῖται στενῶς καί ὅτι νεώτεραι πληροφορίαι θά ἀνακοινωθοῦν ἐντός τῆς ἑβδομάδος.

ΠΝΕΥΜΑΤΙΚΑΙ ΕΥΚΑΙΡΙΑΙ

ΤΟΚΙΟ, 4. (Ἰδ. ὑπηρ.). — Ἀφοῦ ἡ Ἰαπωνία ἡττήθη εἰς τόν Β΄ Παγκόσμιον Πόλεμον, ἡ νέα γενεά ἀνεπτύχθη χωρίς τάς προκαταλήψεις τοῦ παρελθόντος. Οἱ νέοι Ἰάπωνες ὁμιλοῦν μέ αἰσιοδοξίαν διά τό μέλλον τῆς χώρας των. Νέα Υόρκη, 4. — Ἐπί τοῦ θέματος τούτου αἱ ἀρμόδιαι ὑπηρεσίαι ἀνεκοίνωσαν σήμερον ὅτι τά μέτρα θά ἐφαρμοσθοῦν ἀμέσως. Ὁ ἐκπρόσωπος ἐδήλωσεν ὅτι ἡ κατάστασις παρακολουθεῖται στενῶς καί ὅτι νεώτεραι πληροφορίαι θά ἀνακοινωθοῦν ἐντός τῆς ἑβδομάδος.

ΤΟΚΙΟ, 4. (Ἰδ. ὑπηρ.). — Ἀφοῦ ἡ Ἰαπωνία ἡττήθη εἰς τόν Β΄ Παγκόσμιον Πόλεμον, ἡ νέα γενεά ἀνεπτύχθη χωρίς τάς προκαταλήψεις τοῦ παρελθόντος. Οἱ νέοι Ἰάπωνες ὁμιλοῦν μέ αἰσιοδοξίαν διά τό μέλλον τῆς χώρας των. Νέα Υόρκη, 4. — Ἐπί τοῦ θέματος τούτου αἱ ἀρμόδιαι ὑπηρεσίαι ἀνεκοίνωσαν σήμερον ὅτι τά μέτρα θά ἐφαρμοσθοῦν ἀμέσως. Ὁ ἐκπρόσωπος ἐδήλωσεν ὅτι ἡ κατάστασις παρακολουθεῖται στενῶς καί ὅτι νεώτεραι πληροφορίαι θά ἀνακοινωθοῦν ἐντός τῆς ἑβδομάδος.

ΘΑ ΥΠΕΡΒΟΥΝ ΤΑΣ 2.500 ΑΙ ΔΗΛΩΣΕΙΣ ΣΥΜΜΕΤΟΧΗΣ ΔΙΑ ΤΟ ΣΥΓΚΑΛΟΥΜΕΝΟΝ ΕΙΣ ΤΑΣ ΑΘΗΝΑΣ ΣΥΝΕΔΡΙΟΝ ΤΟΥ ΑΜΕΡΙΚΑΝΙΚΟΥ ΣΥΝΔΕΣΜΟΥ ΓΡΑΦΕΙΩΝ ΤΑΞΙΔΙΩΝ

ΑΘΗΝΑΙ, 4. — Συνέρχεται τήν 22αν Ὀκτωβρίου εἰς Ἀθήνας τό συνέδριον τῆς «ΑΣΤΑ», τοῦ Ἀμερικανικοῦ Συνδέσμου Γραφείων Ταξιδίων. Αἱ δηλώσεις συμμετοχῆς ὑπερβαίνουν ἤδη τάς 2.500. Νέα Υόρκη, 4. — Ἐπί τοῦ θέματος τούτου αἱ ἀρμόδιαι ὑπηρεσίαι ἀνεκοίνωσαν σήμερον ὅτι τά μέτρα θά ἐφαρμοσθοῦν ἀμέσως. Ὁ ἐκπρόσωπος ἐδήλωσεν ὅτι ἡ κατάστασις παρακολουθεῖται στενῶς καί ὅτι νεώτεραι πληροφορίαι θά ἀνακοινωθοῦν ἐντός τῆς ἑβδομάδος.

ΑΘΗΝΑΙ, 4. — Συνέρχεται τήν 22αν Ὀκτωβρίου εἰς Ἀθήνας τό συνέδριον τῆς «ΑΣΤΑ», τοῦ Ἀμερικανικοῦ Συνδέσμου Γραφείων Ταξιδίων. Αἱ δηλώσεις συμμετοχῆς ὑπερβαίνουν ἤδη τάς 2.500. Νέα Υόρκη, 4. — Ἐπί τοῦ θέματος τούτου αἱ ἀρμόδιαι ὑπηρεσίαι ἀνεκοίνωσαν σήμερον ὅτι τά μέτρα θά ἐφαρμοσθοῦν ἀμέσως. Ὁ ἐκπρόσωπος ἐδήλωσεν ὅτι ἡ κατάστασις παρακολουθεῖται στενῶς καί ὅτι νεώτεραι πληροφορίαι θά ἀνακοινωθοῦν ἐντός τῆς ἑβδομάδος.

ΕΝΑΥΓΗΣΑΝ ΑΙ ΠΙΘΑΝΟΤΗΤΕΣ ΕΝΑΡΞΕΩΣ ΕΝΟΣ ΔΙΑΛΟΓΟΥ ΜΕΤΑΞΥ ΤΩΝ ΔΥΟ ΓΕΡΜΑΝΙΩΝ

ΑΝΑΤ. ΒΕΡΟΛΙΝΟΝ, 4. (Ρόϋτερ). — Ἡ ἀνατολικογερμανική κυβέρνησις ἐδέχθη νά ἀρχίσῃ συνομιλίας μετά τῆς Βόννης. Νέα Υόρκη, 4. — Ἐπί τοῦ θέματος τούτου αἱ ἀρμόδιαι ὑπηρεσίαι ἀνεκοίνωσαν σήμερον ὅτι τά μέτρα θά ἐφαρμοσθοῦν ἀμέσως. Ὁ ἐκπρόσωπος ἐδήλωσεν ὅτι ἡ κατάστασις παρακολουθεῖται στενῶς καί ὅτι νεώτεραι πληροφορίαι θά ἀνακοινωθοῦν ἐντός τῆς ἑβδομάδος.
